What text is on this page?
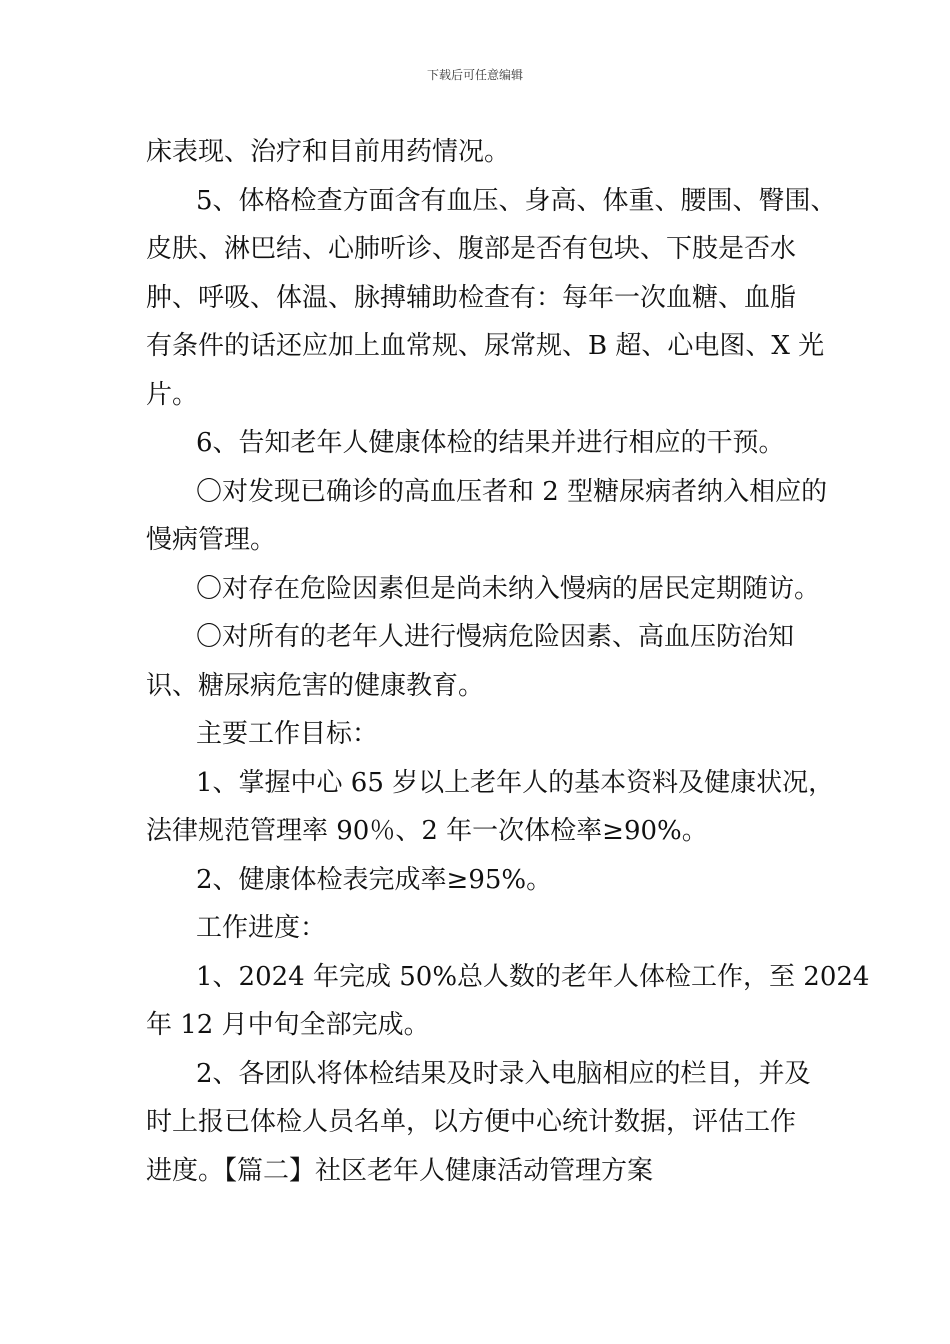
下载后可任意编辑
床表现、治疗和目前用药情况。
5、体格检查方面含有血压、身高、体重、腰围、臀围、
皮肤、淋巴结、心肺听诊、腹部是否有包块、下肢是否水
肿、呼吸、体温、脉搏辅助检查有：每年一次血糖、血脂
有条件的话还应加上血常规、尿常规、B 超、心电图、X 光
片。
6、告知老年人健康体检的结果并进行相应的干预。
〇对发现已确诊的高血压者和 2 型糖尿病者纳入相应的
慢病管理。
〇对存在危险因素但是尚未纳入慢病的居民定期随访。
〇对所有的老年人进行慢病危险因素、高血压防治知
识、糖尿病危害的健康教育。
主要工作目标：
1、掌握中心 65 岁以上老年人的基本资料及健康状况，
法律规范管理率 90％、2 年一次体检率≥90%。
2、健康体检表完成率≥95%。
工作进度：
1、2024 年完成 50%总人数的老年人体检工作，至 2024
年 12 月中旬全部完成。
2、各团队将体检结果及时录入电脑相应的栏目，并及
时上报已体检人员名单，以方便中心统计数据，评估工作
进度。【篇二】社区老年人健康活动管理方案
